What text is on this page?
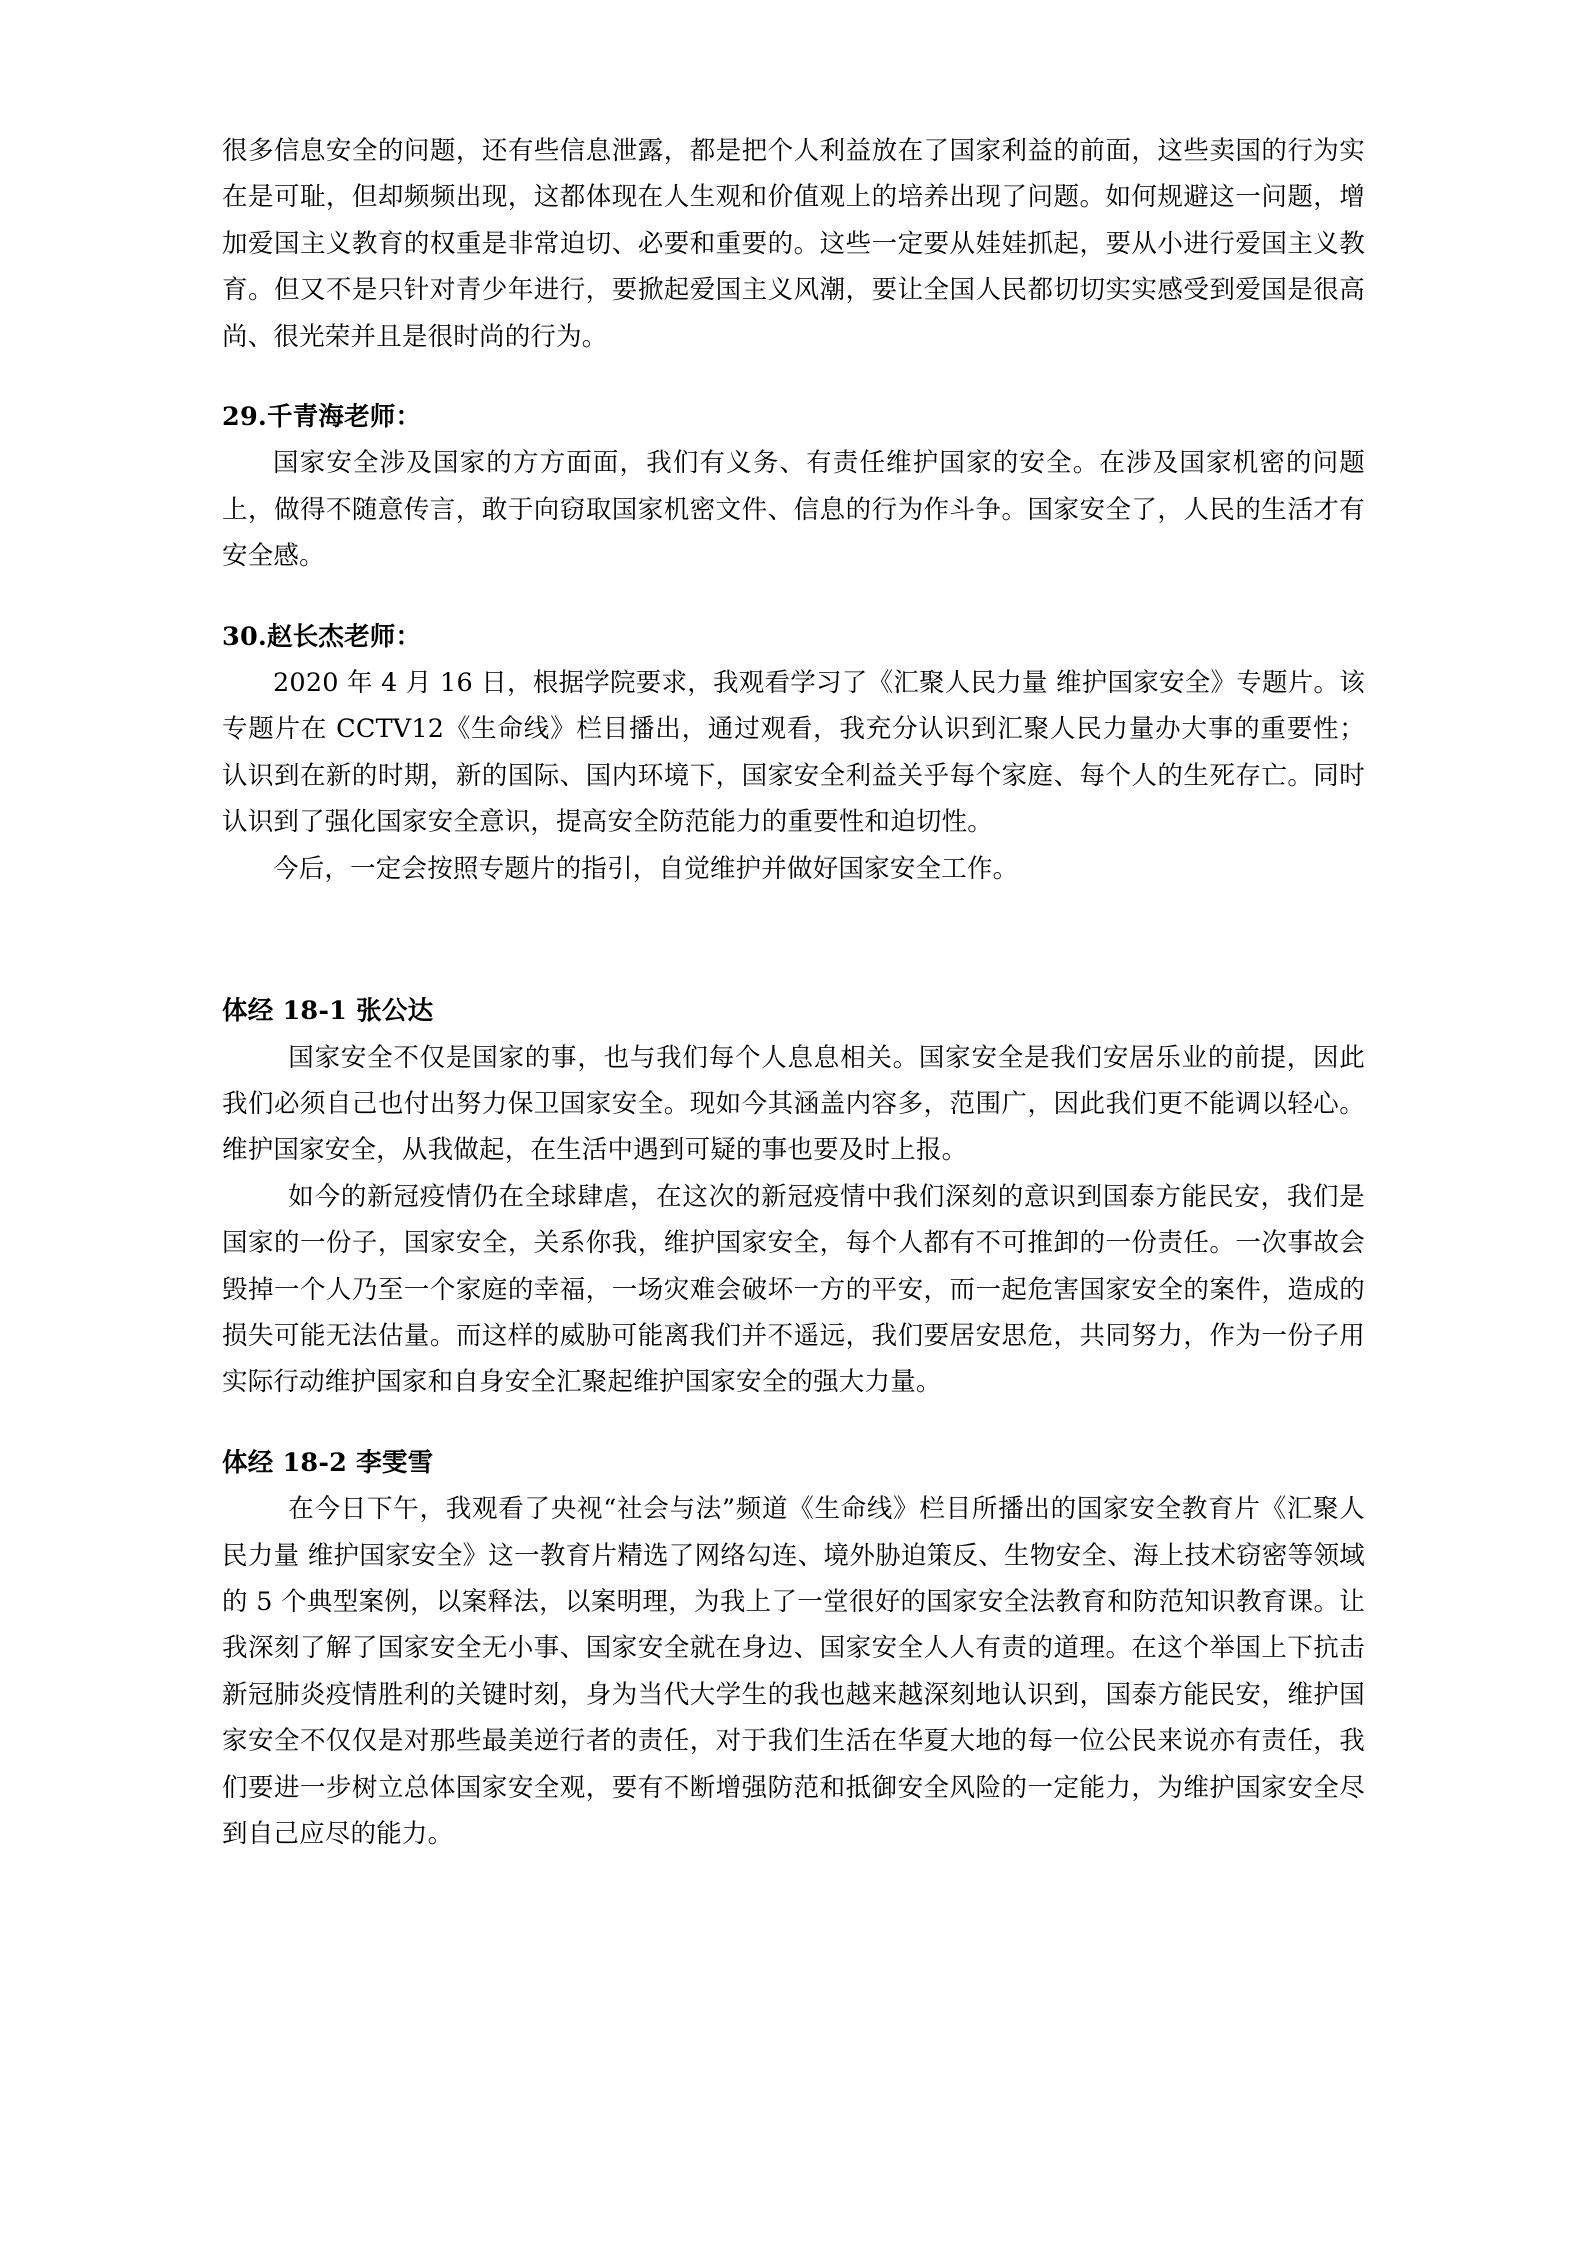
很多信息安全的问题，还有些信息泄露，都是把个人利益放在了国家利益的前面，这些卖国的行为实在是可耻，但却频频出现，这都体现在人生观和价值观上的培养出现了问题。如何规避这一问题，增加爱国主义教育的权重是非常迫切、必要和重要的。这些一定要从娃娃抓起，要从小进行爱国主义教育。但又不是只针对青少年进行，要掀起爱国主义风潮，要让全国人民都切切实实感受到爱国是很高尚、很光荣并且是很时尚的行为。

29.千青海老师：

国家安全涉及国家的方方面面，我们有义务、有责任维护国家的安全。在涉及国家机密的问题上，做得不随意传言，敢于向窃取国家机密文件、信息的行为作斗争。国家安全了，人民的生活才有安全感。

30.赵长杰老师：

2020 年 4 月 16 日，根据学院要求，我观看学习了《汇聚人民力量 维护国家安全》专题片。该专题片在 CCTV12《生命线》栏目播出，通过观看，我充分认识到汇聚人民力量办大事的重要性；认识到在新的时期，新的国际、国内环境下，国家安全利益关乎每个家庭、每个人的生死存亡。同时认识到了强化国家安全意识，提高安全防范能力的重要性和迫切性。

今后，一定会按照专题片的指引，自觉维护并做好国家安全工作。

体经 18-1 张公达

国家安全不仅是国家的事，也与我们每个人息息相关。国家安全是我们安居乐业的前提，因此我们必须自己也付出努力保卫国家安全。现如今其涵盖内容多，范围广，因此我们更不能调以轻心。维护国家安全，从我做起，在生活中遇到可疑的事也要及时上报。

如今的新冠疫情仍在全球肆虐，在这次的新冠疫情中我们深刻的意识到国泰方能民安，我们是国家的一份子，国家安全，关系你我，维护国家安全，每个人都有不可推卸的一份责任。一次事故会毁掉一个人乃至一个家庭的幸福，一场灾难会破坏一方的平安，而一起危害国家安全的案件，造成的损失可能无法估量。而这样的威胁可能离我们并不遥远，我们要居安思危，共同努力，作为一份子用实际行动维护国家和自身安全汇聚起维护国家安全的强大力量。

体经 18-2 李雯雪

在今日下午，我观看了央视“社会与法”频道《生命线》栏目所播出的国家安全教育片《汇聚人民力量 维护国家安全》这一教育片精选了网络勾连、境外胁迫策反、生物安全、海上技术窃密等领域的 5 个典型案例，以案释法，以案明理，为我上了一堂很好的国家安全法教育和防范知识教育课。让我深刻了解了国家安全无小事、国家安全就在身边、国家安全人人有责的道理。在这个举国上下抗击新冠肺炎疫情胜利的关键时刻，身为当代大学生的我也越来越深刻地认识到，国泰方能民安，维护国家安全不仅仅是对那些最美逆行者的责任，对于我们生活在华夏大地的每一位公民来说亦有责任，我们要进一步树立总体国家安全观，要有不断增强防范和抵御安全风险的一定能力，为维护国家安全尽到自己应尽的能力。
